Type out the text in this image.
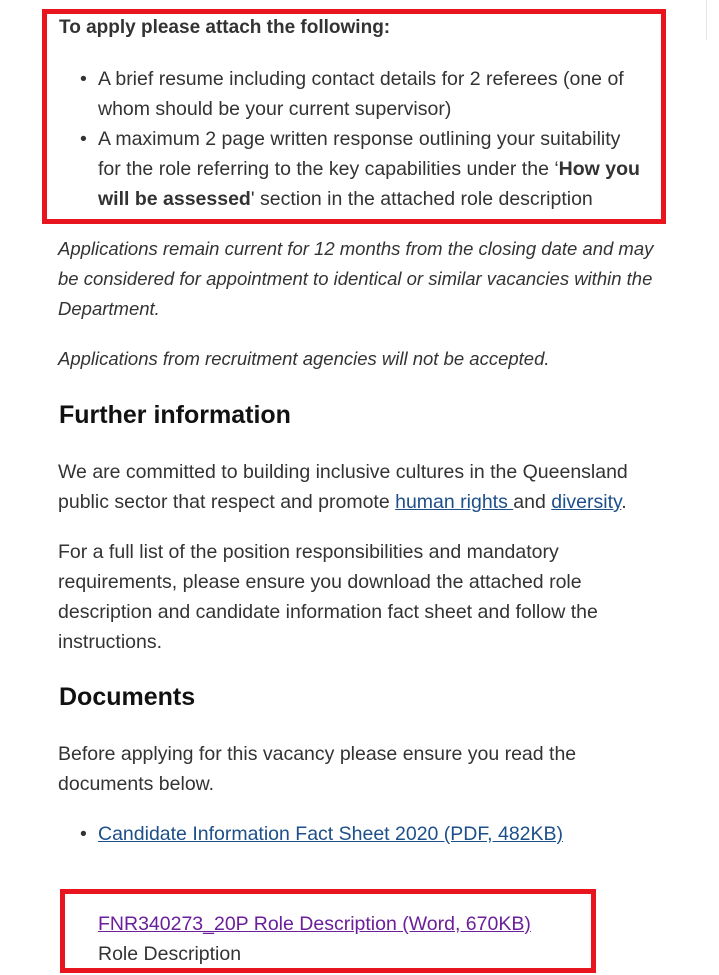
To apply please attach the following:

• A brief resume including contact details for 2 referees (one of whom should be your current supervisor)
• A maximum 2 page written response outlining your suitability for the role referring to the key capabilities under the ‘How you will be assessed' section in the attached role description

Applications remain current for 12 months from the closing date and may be considered for appointment to identical or similar vacancies within the Department.

Applications from recruitment agencies will not be accepted.

Further information

We are committed to building inclusive cultures in the Queensland public sector that respect and promote human rights and diversity.

For a full list of the position responsibilities and mandatory requirements, please ensure you download the attached role description and candidate information fact sheet and follow the instructions.

Documents

Before applying for this vacancy please ensure you read the documents below.

• Candidate Information Fact Sheet 2020 (PDF, 482KB)
FNR340273_20P Role Description (Word, 670KB)
Role Description
